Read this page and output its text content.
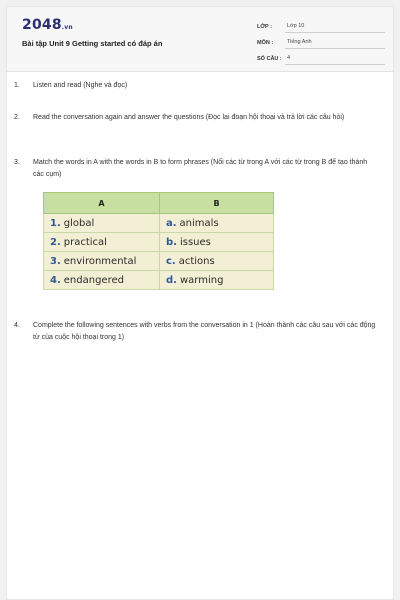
2048.vn
Bài tập Unit 9 Getting started có đáp án
LỚP :	Lớp 10
MÔN :	Tiếng Anh
SỐ CÂU : 4
1.	Listen and read (Nghe và đọc)
2.	Read the conversation again and answer the questions (Đọc lại đoạn hội thoại và trả lời các câu hỏi)
3.	Match the words in A with the words in B to form phrases (Nối các từ trong A với các từ trong B để tạo thành các cụm)
A	B
1. global	a. animals
2. practical	b. issues
3. environmental	c. actions
4. endangered	d. warming
4.	Complete the following sentences with verbs from the conversation in 1 (Hoàn thành các câu sau với các động từ của cuộc hội thoại trong 1)
